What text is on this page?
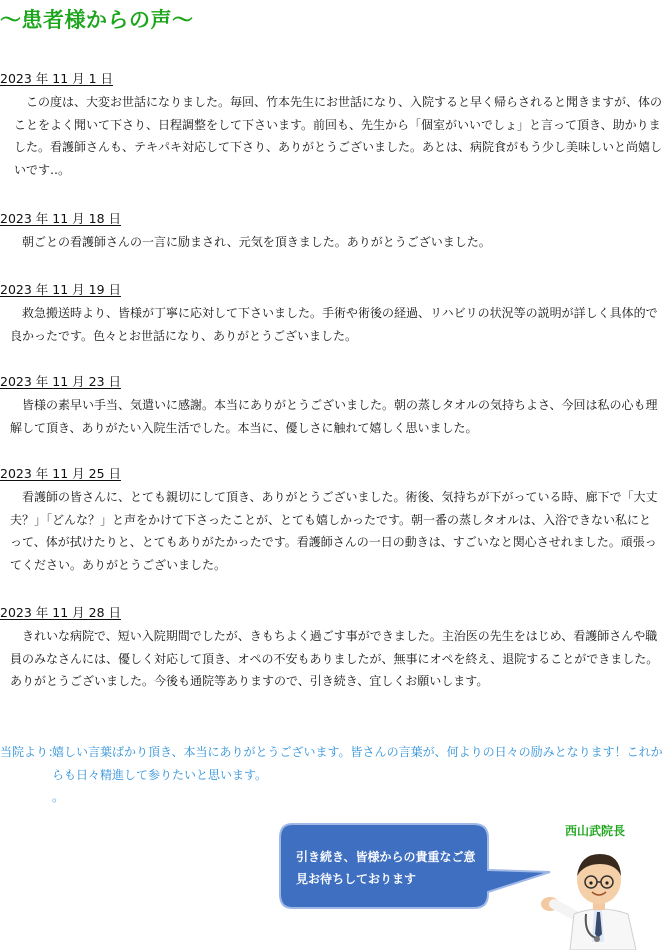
〜患者様からの声〜
2023 年 11 月 1 日
　この度は、大変お世話になりました。毎回、竹本先生にお世話になり、入院すると早く帰らされると聞きますが、体のことをよく聞いて下さり、日程調整をして下さいます。前回も、先生から「個室がいいでしょ」と言って頂き、助かりました。看護師さんも、テキパキ対応して下さり、ありがとうございました。あとは、病院食がもう少し美味しいと尚嬉しいです‥。
2023 年 11 月 18 日
　朝ごとの看護師さんの一言に励まされ、元気を頂きました。ありがとうございました。
2023 年 11 月 19 日
　救急搬送時より、皆様が丁寧に応対して下さいました。手術や術後の経過、リハビリの状況等の説明が詳しく具体的で良かったです。色々とお世話になり、ありがとうございました。
2023 年 11 月 23 日
　皆様の素早い手当、気遣いに感謝。本当にありがとうございました。朝の蒸しタオルの気持ちよさ、今回は私の心も理解して頂き、ありがたい入院生活でした。本当に、優しさに触れて嬉しく思いました。
2023 年 11 月 25 日
　看護師の皆さんに、とても親切にして頂き、ありがとうございました。術後、気持ちが下がっている時、廊下で「大丈夫？」「どんな？」と声をかけて下さったことが、とても嬉しかったです。朝一番の蒸しタオルは、入浴できない私にとって、体が拭けたりと、とてもありがたかったです。看護師さんの一日の動きは、すごいなと関心させれました。頑張ってください。ありがとうございました。
2023 年 11 月 28 日
　きれいな病院で、短い入院期間でしたが、きもちよく過ごす事ができました。主治医の先生をはじめ、看護師さんや職員のみなさんには、優しく対応して頂き、オペの不安もありましたが、無事にオペを終え、退院することができました。ありがとうございました。今後も通院等ありますので、引き続き、宜しくお願いします。
当院より：
嬉しい言葉ばかり頂き、本当にありがとうございます。皆さんの言葉が、何よりの日々の励みとなります！これからも日々精進して参りたいと思います。
。
西山武院長
引き続き、皆様からの貴重なご意見お待ちしております
